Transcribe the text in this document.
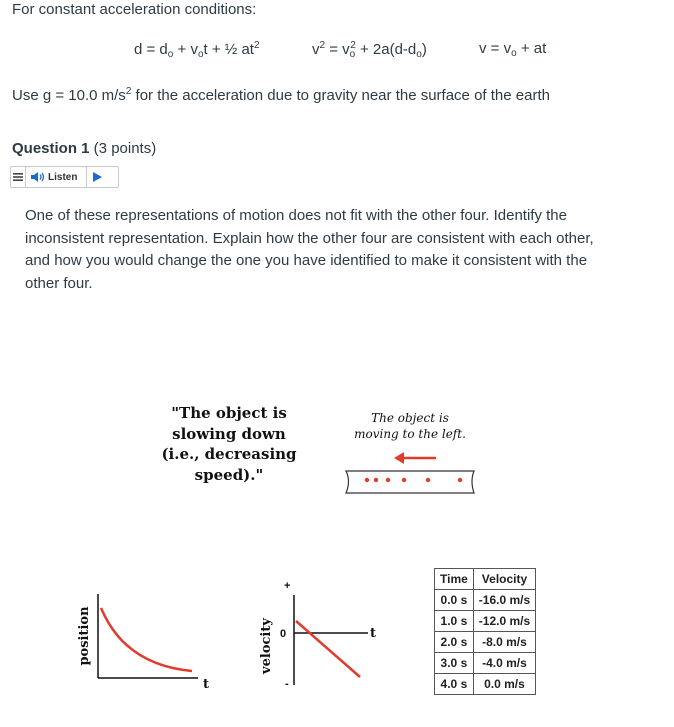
For constant acceleration conditions:
$d = d_o + v_ot$ + ½ $at^2$	$v^2 = v_o^2 + 2a(d-d_o)$	$v = v_o$ + at
Use g = 10.0 $m/s^2$ for the acceleration due to gravity near the surface of the earth
Question 1 (3 points)
Listen
One of these representations of motion does not fit with the other four. Identify the inconsistent representation. Explain how the other four are consistent with each other, and how you would change the one you have identified to make it consistent with the other four.
"The object is
slowing down
(i.e., decreasing
speed)."
The object is
moving to the left.
position
t
+
0
-
t
velocity
Time	Velocity
0.0 s	-16.0 m/s
1.0 s	-12.0 m/s
2.0 s	-8.0 m/s
3.0 s	-4.0 m/s
4.0 s	0.0 m/s
